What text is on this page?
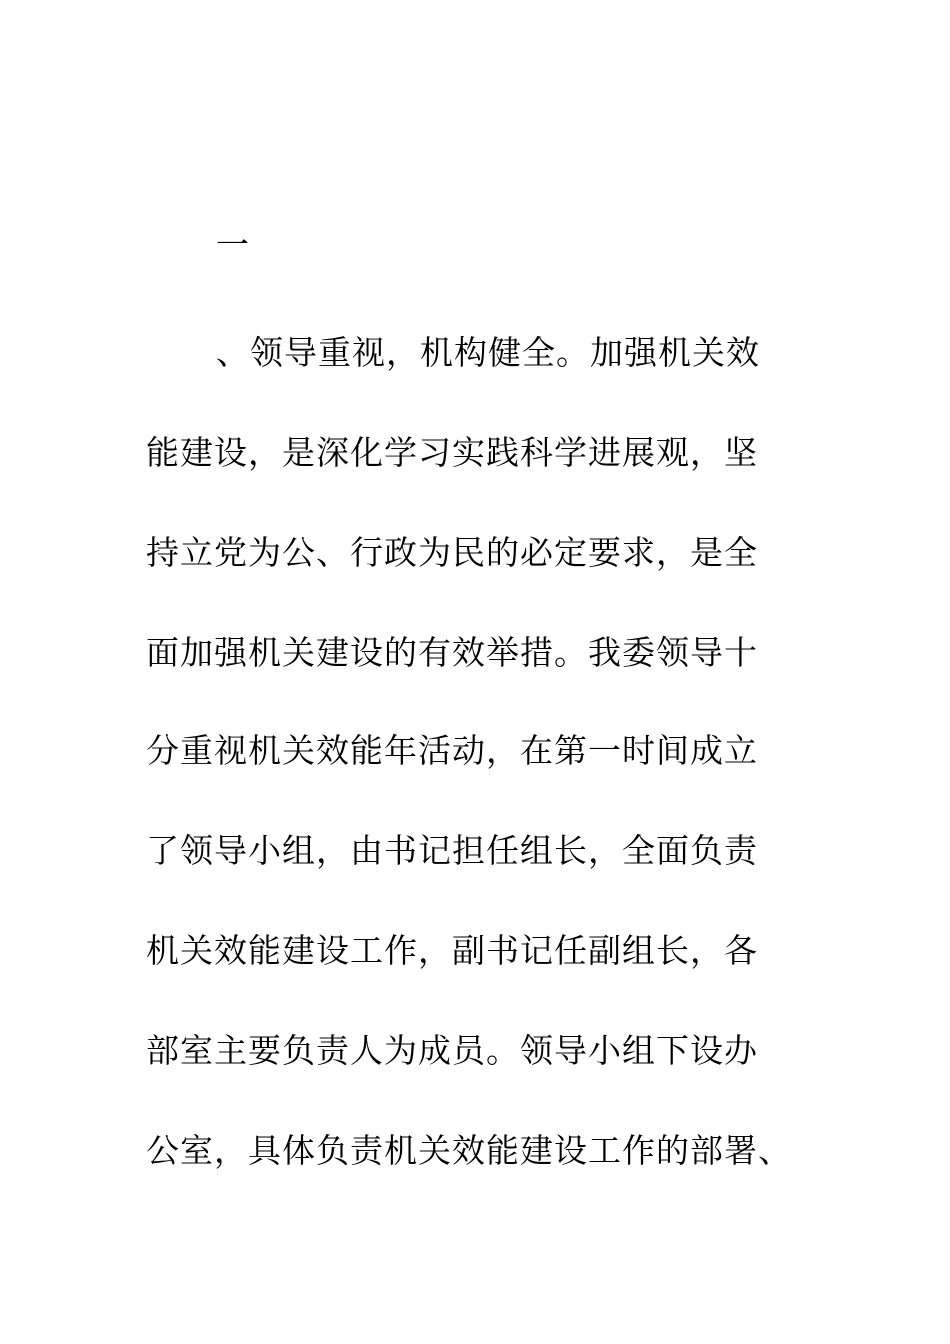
一
、领导重视，机构健全。加强机关效
能建设，是深化学习实践科学进展观，坚
持立党为公、行政为民的必定要求，是全
面加强机关建设的有效举措。我委领导十
分重视机关效能年活动，在第一时间成立
了领导小组，由书记担任组长，全面负责
机关效能建设工作，副书记任副组长，各
部室主要负责人为成员。领导小组下设办
公室，具体负责机关效能建设工作的部署、
